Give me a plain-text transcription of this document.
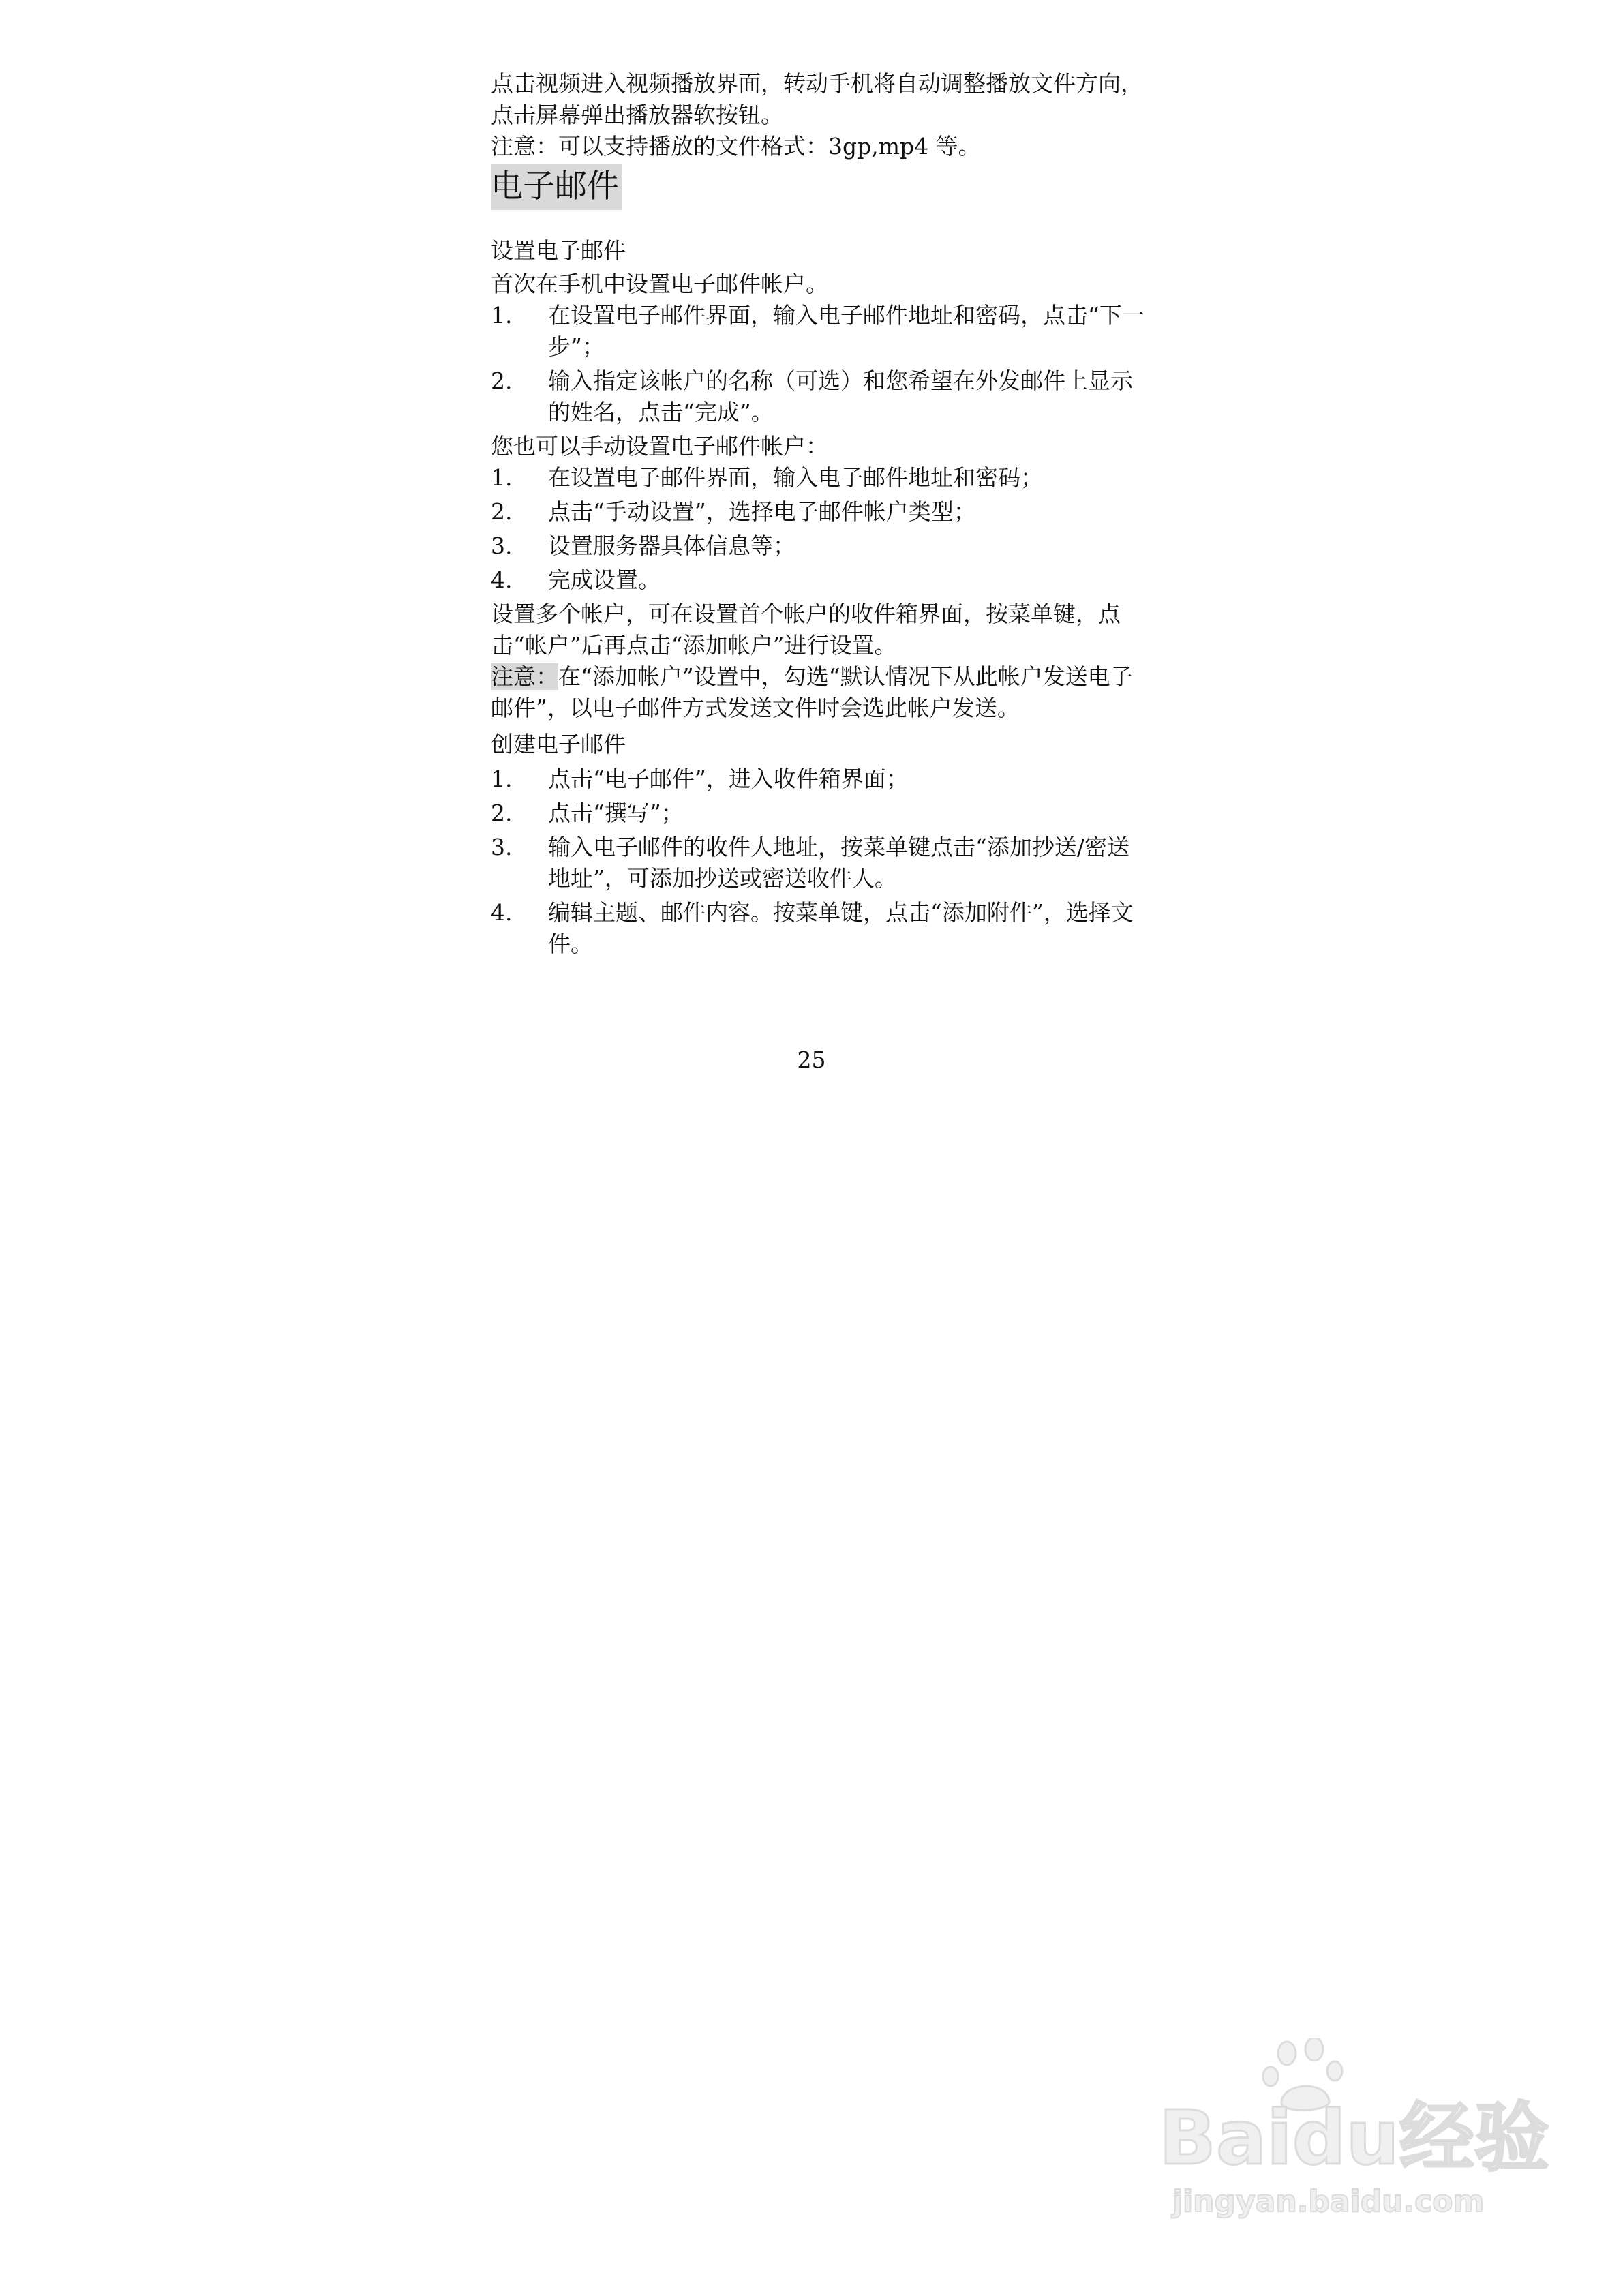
点击视频进入视频播放界面，转动手机将自动调整播放文件方向，点击屏幕弹出播放器软按钮。

注意：可以支持播放的文件格式：3gp,mp4 等。

电子邮件
设置电子邮件

首次在手机中设置电子邮件帐户。

1.	在设置电子邮件界面，输入电子邮件地址和密码，点击“下一步”；
2.	输入指定该帐户的名称（可选）和您希望在外发邮件上显示的姓名，点击“完成”。

您也可以手动设置电子邮件帐户：

1.	在设置电子邮件界面，输入电子邮件地址和密码；
2.	点击“手动设置”，选择电子邮件帐户类型；
3.	设置服务器具体信息等；
4.	完成设置。

设置多个帐户，可在设置首个帐户的收件箱界面，按菜单键，点击“帐户”后再点击“添加帐户”进行设置。

注意：在“添加帐户”设置中，勾选“默认情况下从此帐户发送电子邮件”，以电子邮件方式发送文件时会选此帐户发送。

创建电子邮件
1.	点击“电子邮件”，进入收件箱界面；
2.	点击“撰写”；
3.	输入电子邮件的收件人地址，按菜单键点击“添加抄送/密送地址”，可添加抄送或密送收件人。
4.	编辑主题、邮件内容。按菜单键，点击“添加附件”，选择文件。
25
Baidu经验
jingyan.baidu.com
